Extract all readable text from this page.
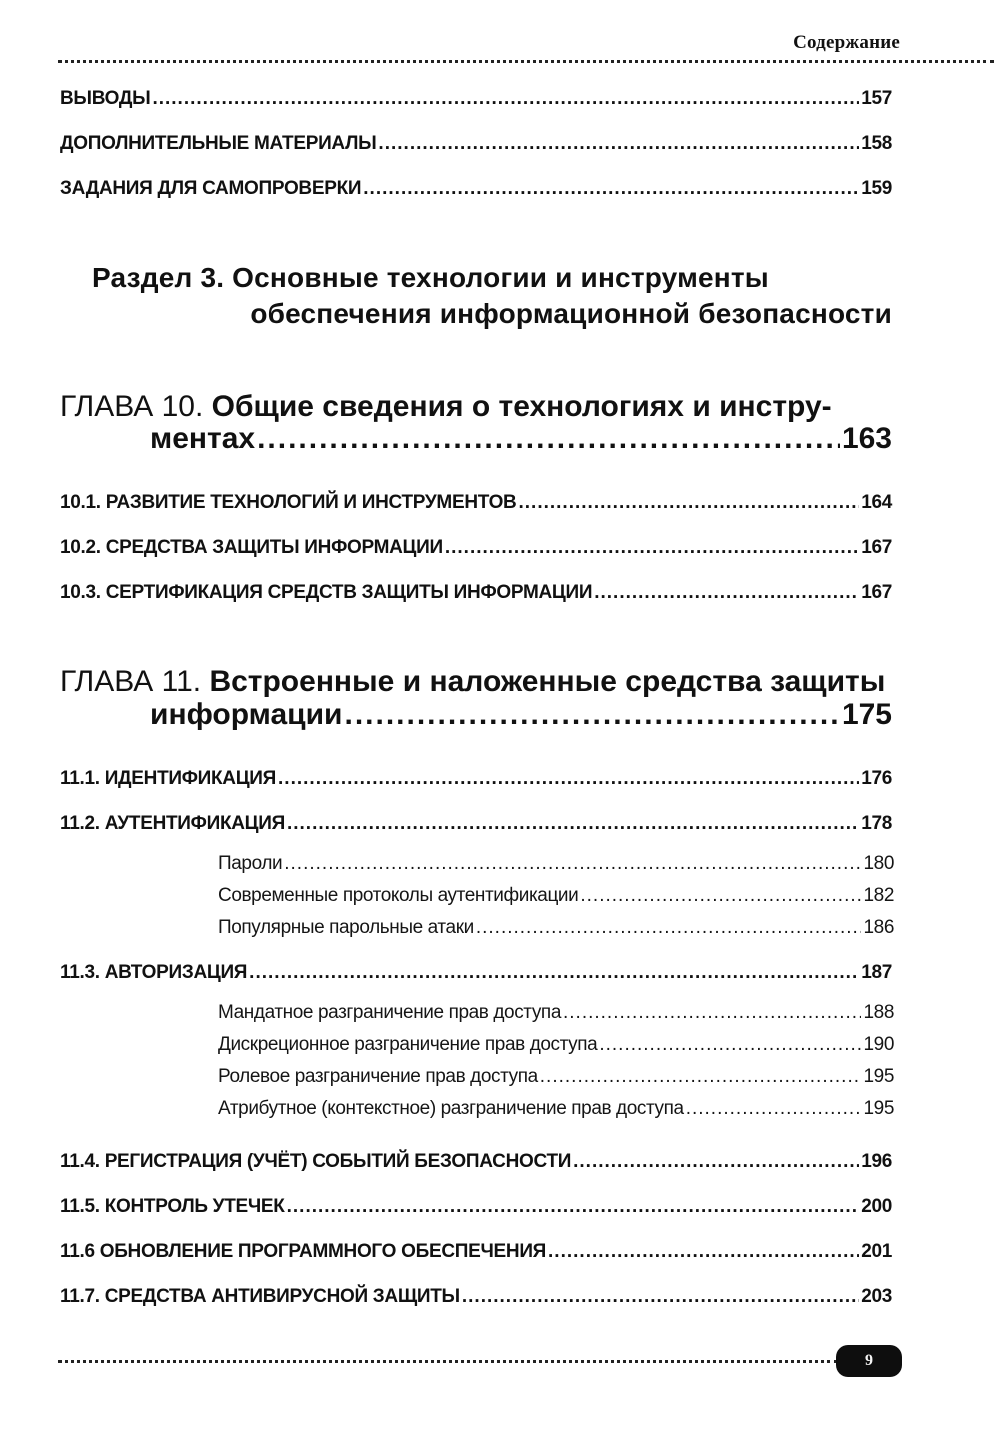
Содержание
ВЫВОДЫ .....	157
ДОПОЛНИТЕЛЬНЫЕ МАТЕРИАЛЫ .....	158
ЗАДАНИЯ ДЛЯ САМОПРОВЕРКИ .....	159
Раздел 3. Основные технологии и инструменты
обеспечения информационной безопасности
ГЛАВА 10. Общие сведения о технологиях и инстру-
ментах .....	163
10.1. РАЗВИТИЕ ТЕХНОЛОГИЙ И ИНСТРУМЕНТОВ .....	164
10.2. СРЕДСТВА ЗАЩИТЫ ИНФОРМАЦИИ .....	167
10.3. СЕРТИФИКАЦИЯ СРЕДСТВ ЗАЩИТЫ ИНФОРМАЦИИ .....	167
ГЛАВА 11. Встроенные и наложенные средства защиты
информации .....	175
11.1. ИДЕНТИФИКАЦИЯ .....	176
11.2. АУТЕНТИФИКАЦИЯ .....	178
Пароли .....	180
Современные протоколы аутентификации .....	182
Популярные парольные атаки .....	186
11.3. АВТОРИЗАЦИЯ .....	187
Мандатное разграничение прав доступа .....	188
Дискреционное разграничение прав доступа .....	190
Ролевое разграничение прав доступа .....	195
Атрибутное (контекстное) разграничение прав доступа .....	195
11.4. РЕГИСТРАЦИЯ (УЧЁТ) СОБЫТИЙ БЕЗОПАСНОСТИ .....	196
11.5. КОНТРОЛЬ УТЕЧЕК .....	200
11.6 ОБНОВЛЕНИЕ ПРОГРАММНОГО ОБЕСПЕЧЕНИЯ .....	201
11.7. СРЕДСТВА АНТИВИРУСНОЙ ЗАЩИТЫ .....	203
9
